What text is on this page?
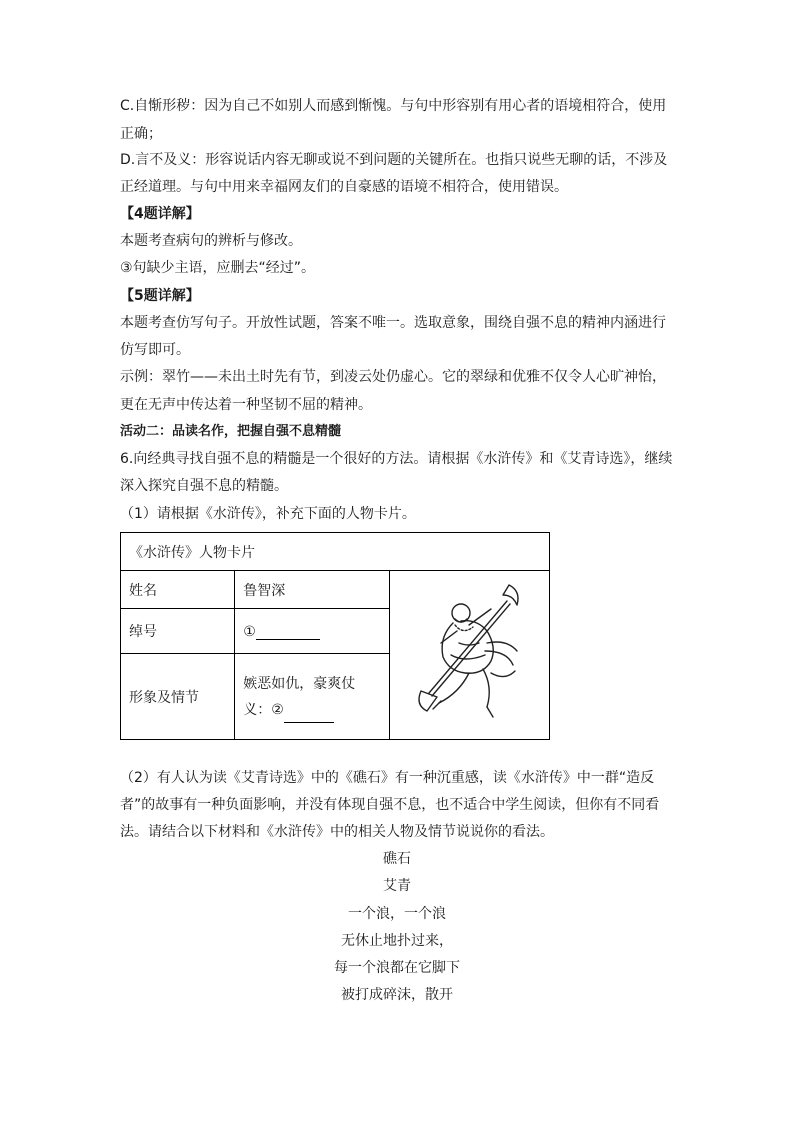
C.自惭形秽：因为自己不如别人而感到惭愧。与句中形容别有用心者的语境相符合，使用
正确；
D.言不及义：形容说话内容无聊或说不到问题的关键所在。也指只说些无聊的话，不涉及
正经道理。与句中用来幸福网友们的自豪感的语境不相符合，使用错误。
【4题详解】
本题考查病句的辨析与修改。
③句缺少主语，应删去“经过”。
【5题详解】
本题考查仿写句子。开放性试题，答案不唯一。选取意象，围绕自强不息的精神内涵进行
仿写即可。
示例：翠竹——未出土时先有节，到凌云处仍虚心。它的翠绿和优雅不仅令人心旷神怡，
更在无声中传达着一种坚韧不屈的精神。
活动二：品读名作，把握自强不息精髓
6.向经典寻找自强不息的精髓是一个很好的方法。请根据《水浒传》和《艾青诗选》，继续
深入探究自强不息的精髓。
（1）请根据《水浒传》，补充下面的人物卡片。
《水浒传》人物卡片		
姓名	鲁智深	
绰号	①	
形象及情节	嫉恶如仇，豪爽仗
义：②	
（2）有人认为读《艾青诗选》中的《礁石》有一种沉重感，读《水浒传》中一群“造反
者”的故事有一种负面影响，并没有体现自强不息，也不适合中学生阅读，但你有不同看
法。请结合以下材料和《水浒传》中的相关人物及情节说说你的看法。
礁石
艾青
一个浪，一个浪
无休止地扑过来，
每一个浪都在它脚下
被打成碎沫，散开
